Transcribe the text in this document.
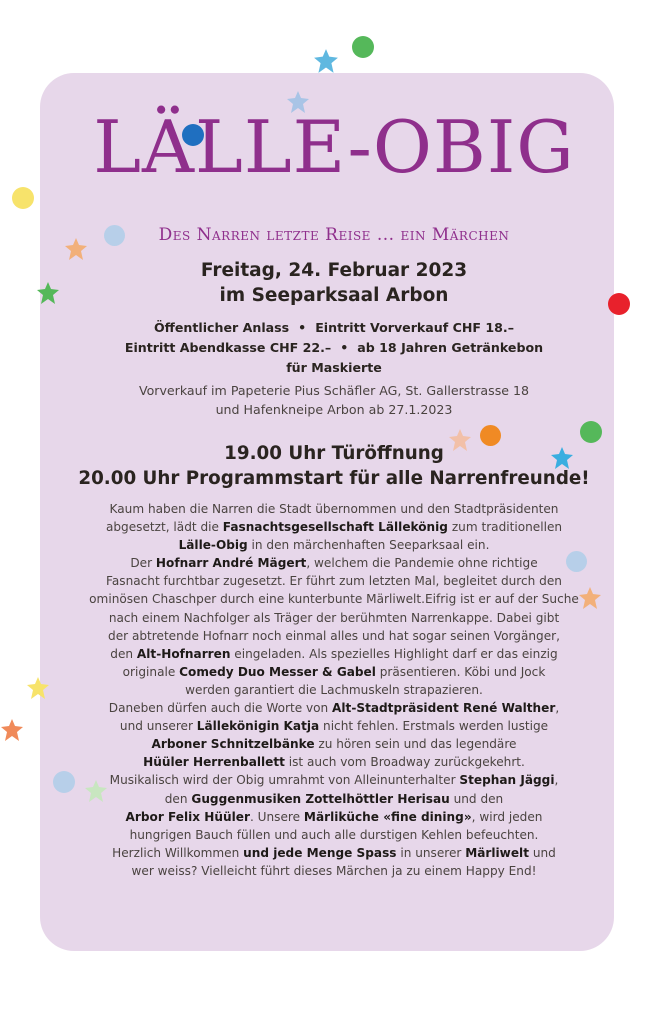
LÄLLE-OBIG
Des Narren letzte Reise ... ein Märchen
Freitag, 24. Februar 2023
im Seeparksaal Arbon
Öffentlicher Anlass • Eintritt Vorverkauf CHF 18.–
Eintritt Abendkasse CHF 22.– • ab 18 Jahren Getränkebon
für Maskierte
Vorverkauf im Papeterie Pius Schäfler AG, St. Gallerstrasse 18
und Hafenkneipe Arbon ab 27.1.2023
19.00 Uhr Türöffnung
20.00 Uhr Programmstart für alle Narrenfreunde!

Kaum haben die Narren die Stadt übernommen und den Stadtpräsidenten

abgesetzt, lädt die Fasnachtsgesellschaft Lällekönig zum traditionellen

Lälle-Obig in den märchenhaften Seeparksaal ein.

Der Hofnarr André Mägert, welchem die Pandemie ohne richtige

Fasnacht furchtbar zugesetzt. Er führt zum letzten Mal, begleitet durch den

ominösen Chaschper durch eine kunterbunte Märliwelt.Eifrig ist er auf der Suche

nach einem Nachfolger als Träger der berühmten Narrenkappe. Dabei gibt

der abtretende Hofnarr noch einmal alles und hat sogar seinen Vorgänger,

den Alt-Hofnarren eingeladen. Als spezielles Highlight darf er das einzig

originale Comedy Duo Messer & Gabel präsentieren. Köbi und Jock

werden garantiert die Lachmuskeln strapazieren.

Daneben dürfen auch die Worte von Alt-Stadtpräsident René Walther,

und unserer Lällekönigin Katja nicht fehlen. Erstmals werden lustige

Arboner Schnitzelbänke zu hören sein und das legendäre

Hüüler Herrenballett ist auch vom Broadway zurückgekehrt.

Musikalisch wird der Obig umrahmt von Alleinunterhalter Stephan Jäggi,

den Guggenmusiken Zottelhöttler Herisau und den

Arbor Felix Hüüler. Unsere Märliküche «fine dining», wird jeden

hungrigen Bauch füllen und auch alle durstigen Kehlen befeuchten.

Herzlich Willkommen und jede Menge Spass in unserer Märliwelt und

wer weiss? Vielleicht führt dieses Märchen ja zu einem Happy End!
